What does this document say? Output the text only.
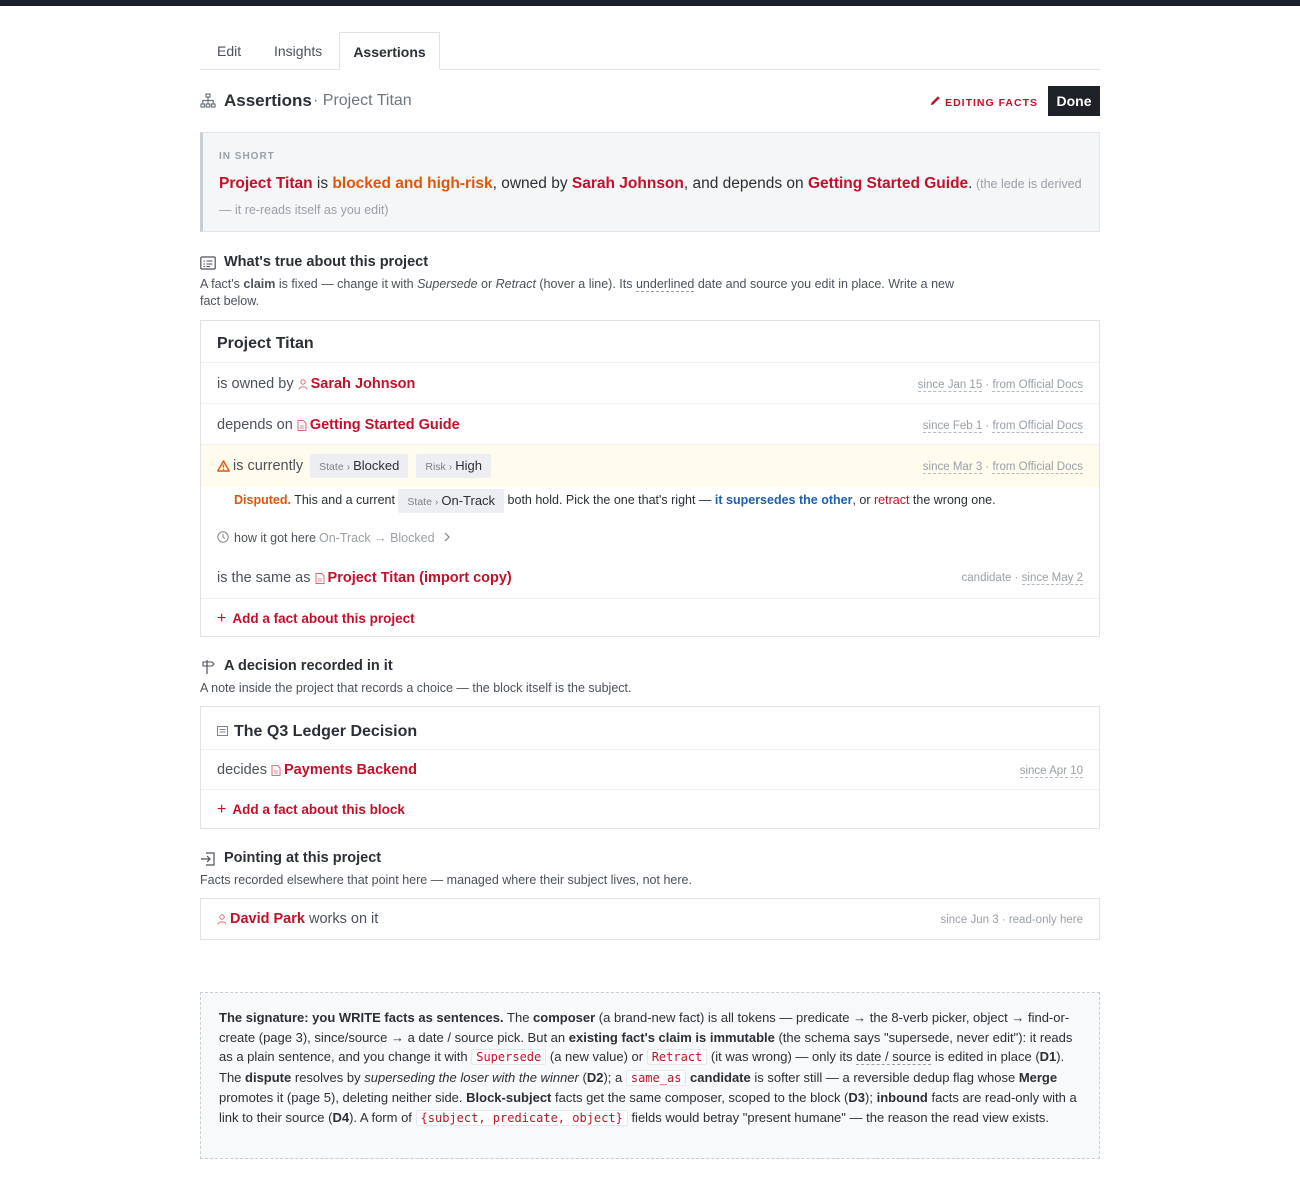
Edit Insights	Assertions
Assertions · Project Titan	EDITING FACTS	Done
IN SHORT
Project Titan is blocked and high-risk, owned by Sarah Johnson, and depends on Getting Started Guide. (the lede is derived — it re-reads itself as you edit)
What's true about this project
A fact's claim is fixed — change it with Supersede or Retract (hover a line). Its underlined date and source you edit in place. Write a new fact below.
Project Titan
is owned by Sarah Johnson	since Jan 15 · from Official Docs
depends on Getting Started Guide	since Feb 1 · from Official Docs
is currently State › Blocked Risk › High	since Mar 3 · from Official Docs
how it got here On-Track → Blocked
is the same as Project Titan (import copy)	candidate · since May 2
+ Add a fact about this project
Disputed. This and a current State › On-Track both hold. Pick the one that's right — it supersedes the other, or retract the wrong one.
A decision recorded in it
A note inside the project that records a choice — the block itself is the subject.
The Q3 Ledger Decision
decides Payments Backend	since Apr 10
+ Add a fact about this block
Pointing at this project
Facts recorded elsewhere that point here — managed where their subject lives, not here.
David Park works on it	since Jun 3 · read-only here
The signature: you WRITE facts as sentences. The composer (a brand-new fact) is all tokens — predicate → the 8-verb picker, object → find-or-create (page 3), since/source → a date / source pick. But an existing fact's claim is immutable (the schema says "supersede, never edit"): it reads as a plain sentence, and you change it with Supersede (a new value) or Retract (it was wrong) — only its date / source is edited in place (D1). The dispute resolves by superseding the loser with the winner (D2); a same_as candidate is softer still — a reversible dedup flag whose Merge promotes it (page 5), deleting neither side. Block-subject facts get the same composer, scoped to the block (D3); inbound facts are read-only with a link to their source (D4). A form of {subject, predicate, object} fields would betray "present humane" — the reason the read view exists.
